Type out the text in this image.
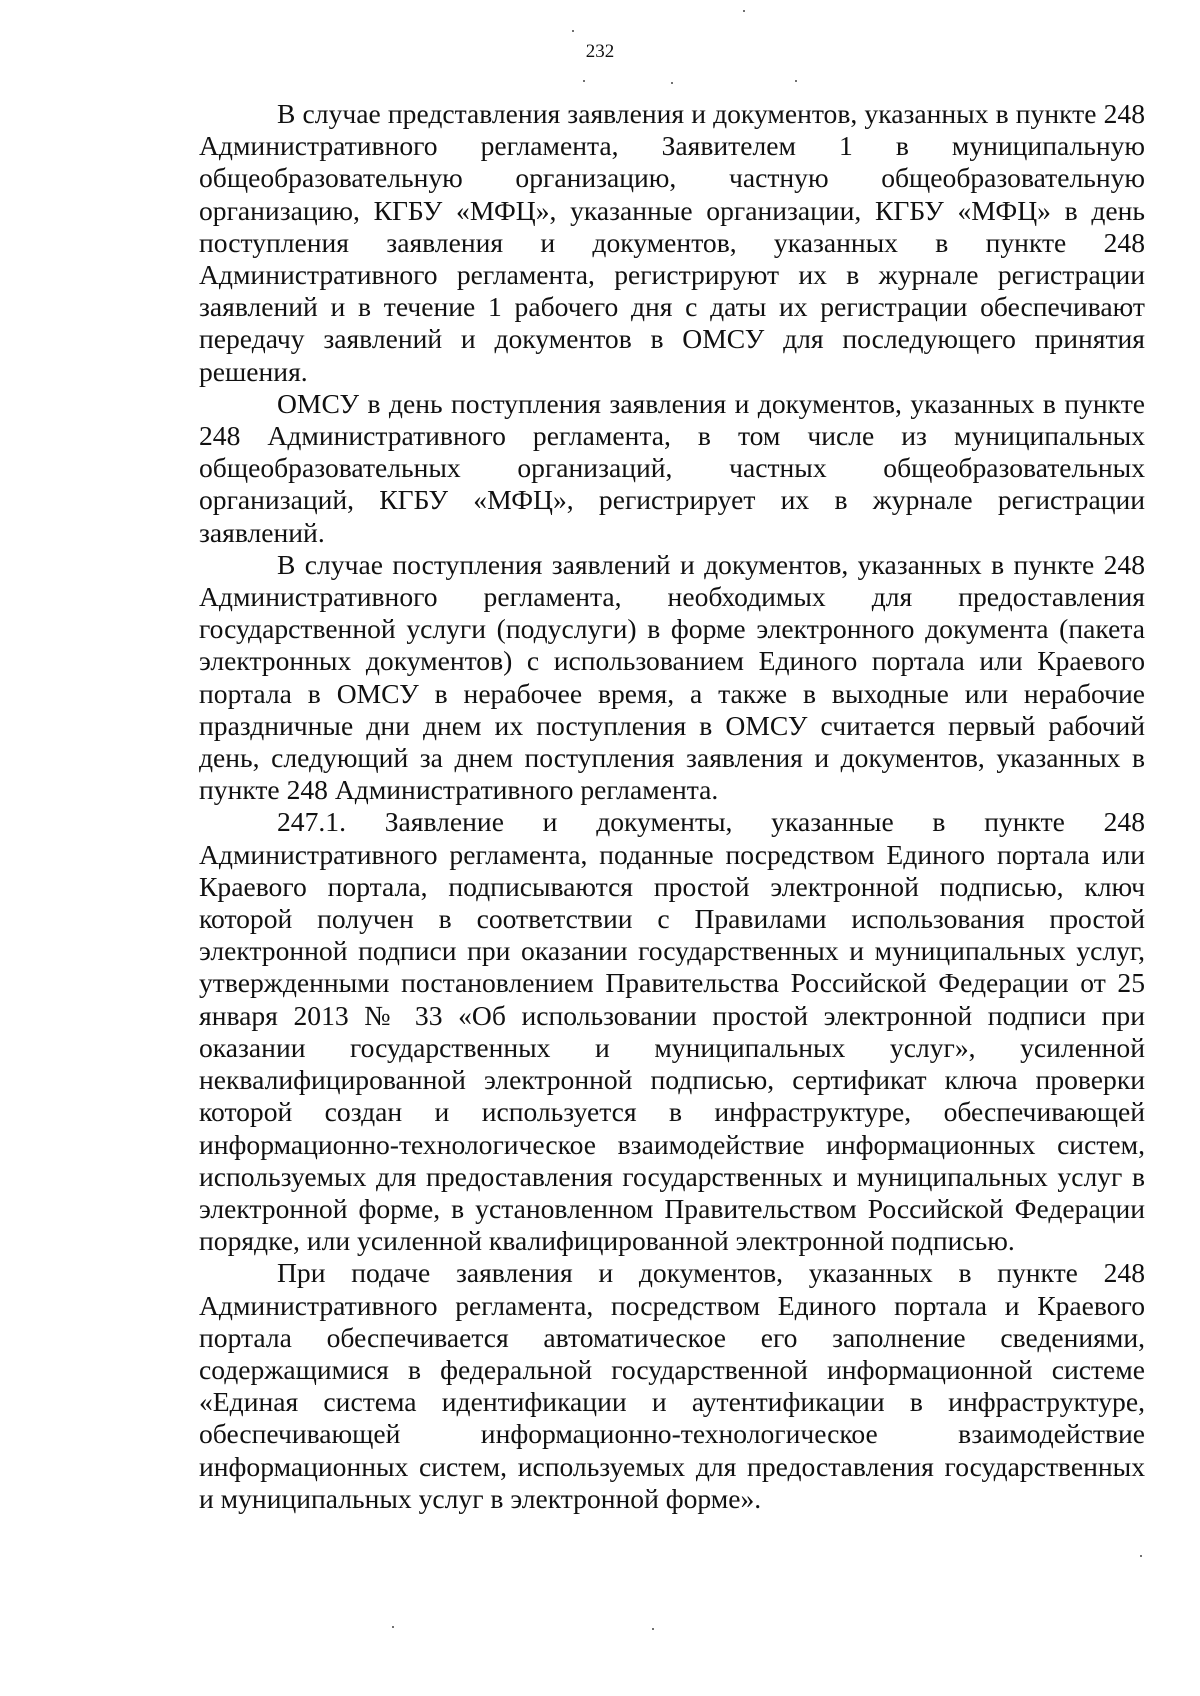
232

В случае представления заявления и документов, указанных в пункте 248 Административного регламента, Заявителем 1 в муниципальную общеобразовательную организацию, частную общеобразовательную организацию, КГБУ «МФЦ», указанные организации, КГБУ «МФЦ» в день поступления заявления и документов, указанных в пункте 248 Административного регламента, регистрируют их в журнале регистрации заявлений и в течение 1 рабочего дня с даты их регистрации обеспечивают передачу заявлений и документов в ОМСУ для последующего принятия решения.

ОМСУ в день поступления заявления и документов, указанных в пункте 248 Административного регламента, в том числе из муниципальных общеобразовательных организаций, частных общеобразовательных организаций, КГБУ «МФЦ», регистрирует их в журнале регистрации заявлений.

В случае поступления заявлений и документов, указанных в пункте 248 Административного регламента, необходимых для предоставления государственной услуги (подуслуги) в форме электронного документа (пакета электронных документов) с использованием Единого портала или Краевого портала в ОМСУ в нерабочее время, а также в выходные или нерабочие праздничные дни днем их поступления в ОМСУ считается первый рабочий день, следующий за днем поступления заявления и документов, указанных в пункте 248 Административного регламента.

247.1. Заявление и документы, указанные в пункте 248 Административного регламента, поданные посредством Единого портала или Краевого портала, подписываются простой электронной подписью, ключ которой получен в соответствии с Правилами использования простой электронной подписи при оказании государственных и муниципальных услуг, утвержденными постановлением Правительства Российской Федерации от 25 января 2013 № 33 «Об использовании простой электронной подписи при оказании государственных и муниципальных услуг», усиленной неквалифицированной электронной подписью, сертификат ключа проверки которой создан и используется в инфраструктуре, обеспечивающей информационно-технологическое взаимодействие информационных систем, используемых для предоставления государственных и муниципальных услуг в электронной форме, в установленном Правительством Российской Федерации порядке, или усиленной квалифицированной электронной подписью.

При подаче заявления и документов, указанных в пункте 248 Административного регламента, посредством Единого портала и Краевого портала обеспечивается автоматическое его заполнение сведениями, содержащимися в федеральной государственной информационной системе «Единая система идентификации и аутентификации в инфраструктуре, обеспечивающей информационно-технологическое взаимодействие информационных систем, используемых для предоставления государственных и муниципальных услуг в электронной форме».
